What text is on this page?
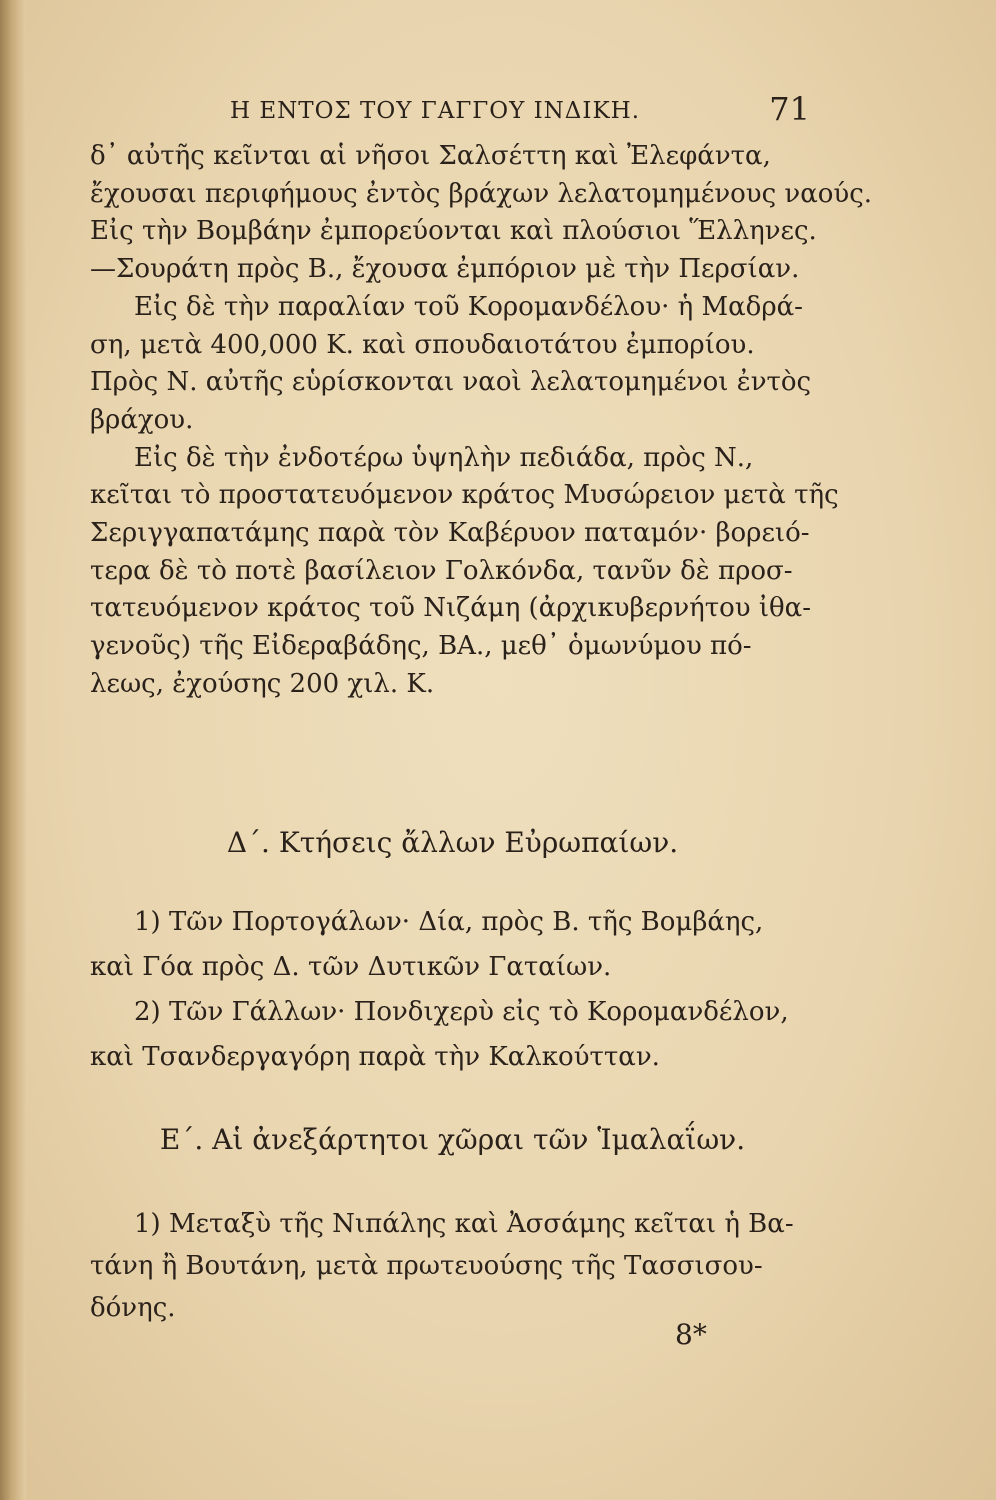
Η ΕΝΤΟΣ ΤΟΥ ΓΑΓΓΟΥ ΙΝΔΙΚΗ.	71
δ᾽ αὐτῆς κεῖνται αἱ νῆσοι Σαλσέττη καὶ Ἐλεφάντα,
ἔχουσαι περιφήμους ἐντὸς βράχων λελατομημένους ναούς.
Εἰς τὴν Βομβάην ἐμπορεύονται καὶ πλούσιοι Ἕλληνες.
—Σουράτη πρὸς Β., ἔχουσα ἐμπόριον μὲ τὴν Περσίαν.
Εἰς δὲ τὴν παραλίαν τοῦ Κορομανδέλου· ἡ Μαδρά-
ση, μετὰ 400,000 Κ. καὶ σπουδαιοτάτου ἐμπορίου.
Πρὸς Ν. αὐτῆς εὑρίσκονται ναοὶ λελατομημένοι ἐντὸς
βράχου.
Εἰς δὲ τὴν ἐνδοτέρω ὑψηλὴν πεδιάδα, πρὸς Ν.,
κεῖται τὸ προστατευόμενον κράτος Μυσώρειον μετὰ τῆς
Σεριγγαπατάμης παρὰ τὸν Καβέρυον παταμόν· βορειό-
τερα δὲ τὸ ποτὲ βασίλειον Γολκόνδα, τανῦν δὲ προσ-
τατευόμενον κράτος τοῦ Νιζάμη (ἀρχικυβερνήτου ἰθα-
γενοῦς) τῆς Εἰδεραβάδης, ΒΑ., μεθ᾽ ὁμωνύμου πό-
λεως, ἐχούσης 200 χιλ. Κ.
Δ΄. Κτήσεις ἄλλων Εὐρωπαίων.
1) Τῶν Πορτογάλων· Δία, πρὸς Β. τῆς Βομβάης,
καὶ Γόα πρὸς Δ. τῶν Δυτικῶν Γαταίων.
2) Τῶν Γάλλων· Πονδιχερὺ εἰς τὸ Κορομανδέλον,
καὶ Τσανδεργαγόρη παρὰ τὴν Καλκούτταν.
Ε΄. Αἱ ἀνεξάρτητοι χῶραι τῶν Ἱμαλαΐων.
1) Μεταξὺ τῆς Νιπάλης καὶ Ἀσσάμης κεῖται ἡ Βα-
τάνη ἢ Βουτάνη, μετὰ πρωτευούσης τῆς Τασσισου-
δόνης.
8*
